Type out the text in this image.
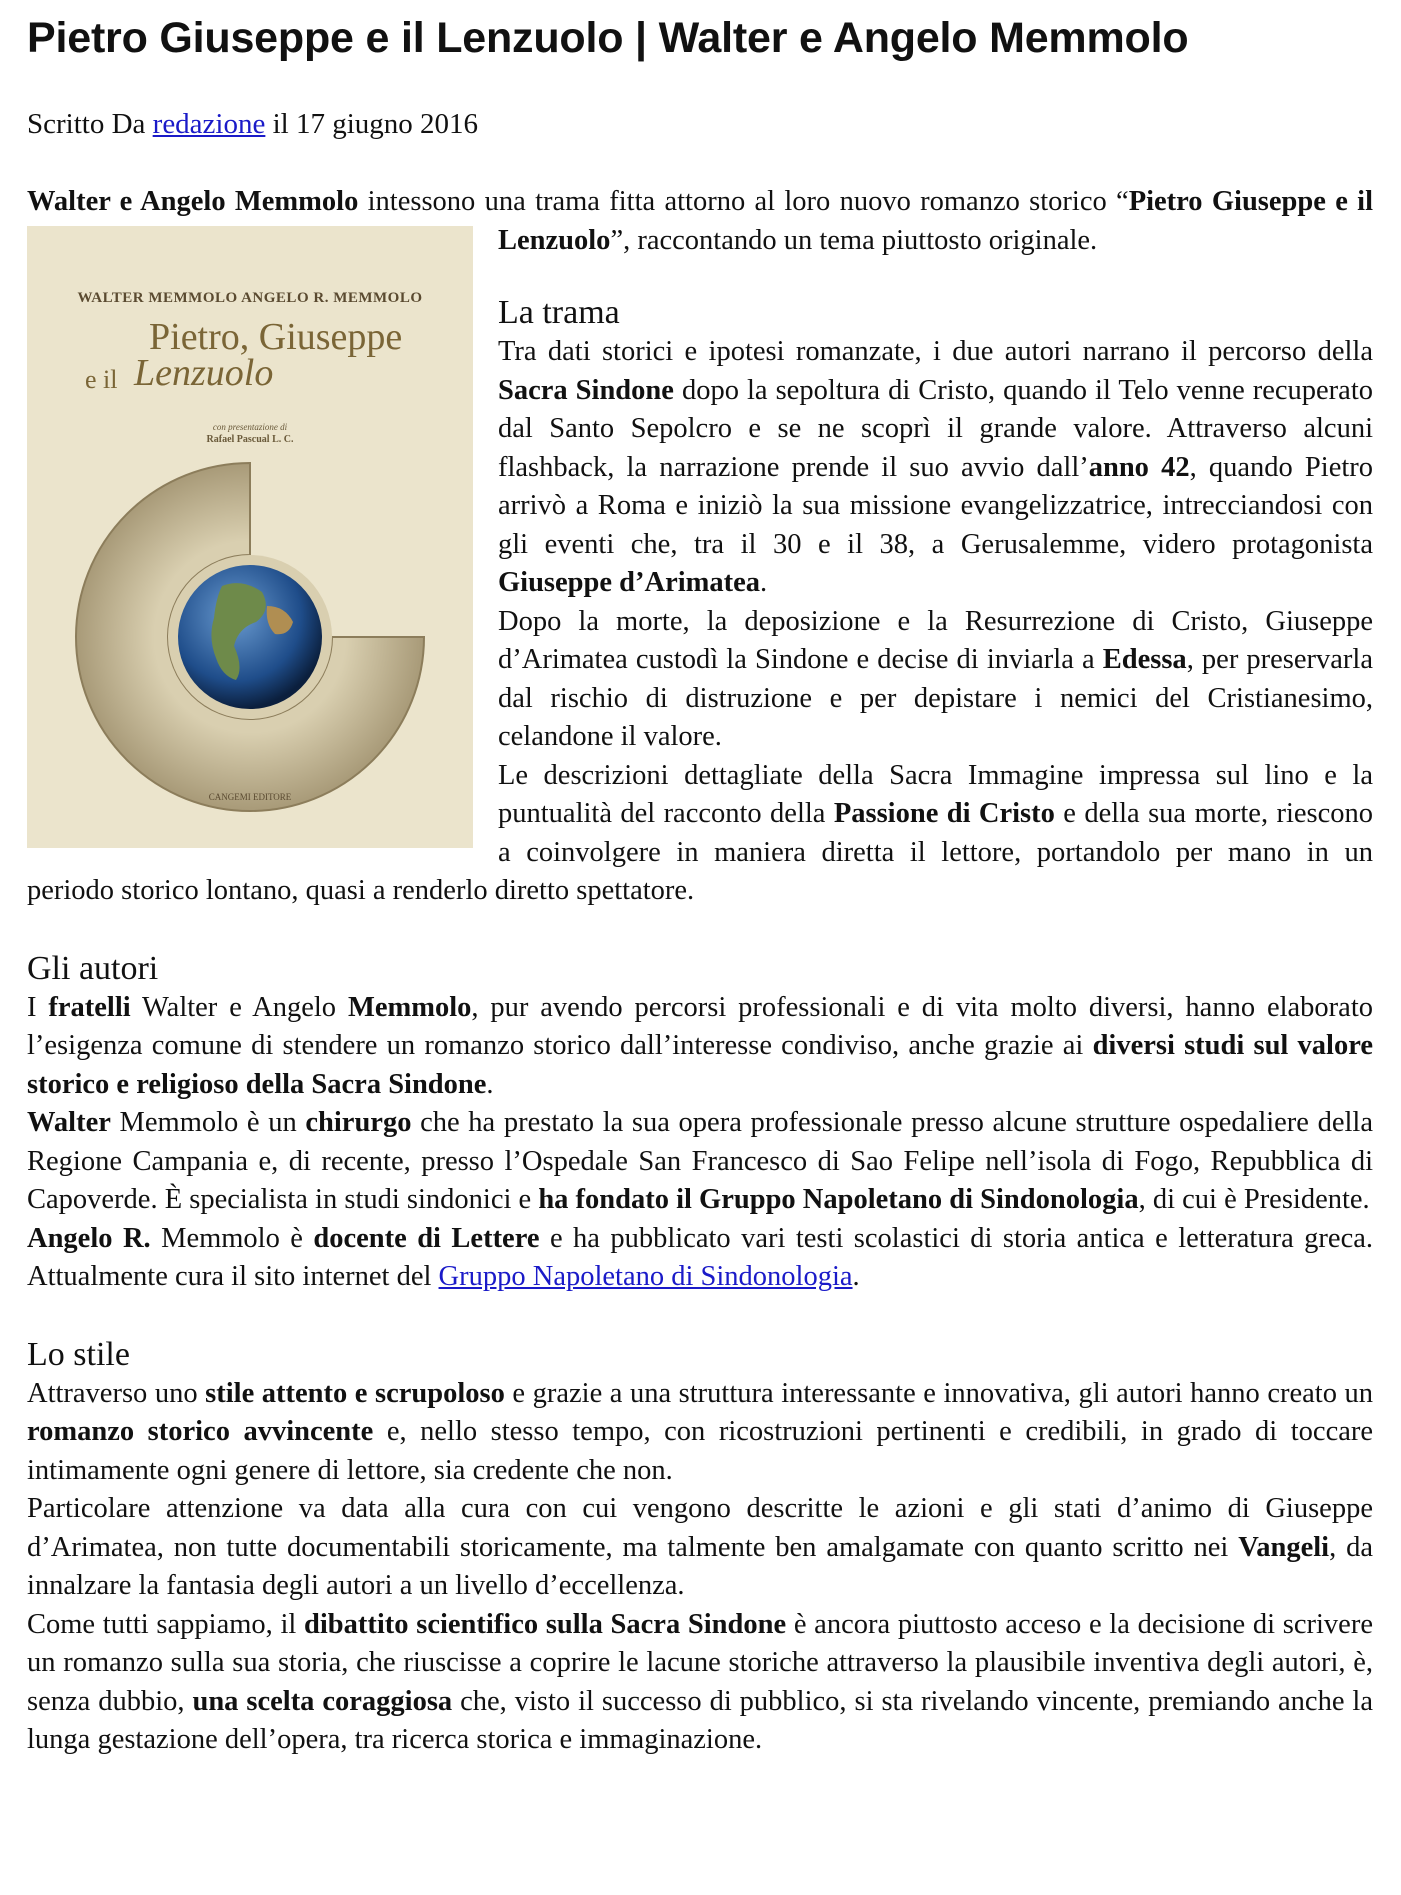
Pietro Giuseppe e il Lenzuolo | Walter e Angelo Memmolo
Scritto Da redazione il 17 giugno 2016

Walter e Angelo Memmolo intessono una trama fitta attorno al loro nuovo romanzo storico “
WALTER MEMMOLO ANGELO R. MEMMOLO
Pietro, Giuseppe
e il Lenzuolo
con presentazione di
Rafael Pascual L. C.
CANGEMI EDITORE
Pietro Giuseppe e il Lenzuolo”, raccontando un tema piuttosto originale.

La trama

Tra dati storici e ipotesi romanzate, i due autori narrano il percorso della Sacra Sindone dopo la sepoltura di Cristo, quando il Telo venne recuperato dal Santo Sepolcro e se ne scoprì il grande valore. Attraverso alcuni flashback, la narrazione prende il suo avvio dall’anno 42, quando Pietro arrivò a Roma e iniziò la sua missione evangelizzatrice, intrecciandosi con gli eventi che, tra il 30 e il 38, a Gerusalemme, videro protagonista Giuseppe d’Arimatea.

Dopo la morte, la deposizione e la Resurrezione di Cristo, Giuseppe d’Arimatea custodì la Sindone e decise di inviarla a Edessa, per preservarla dal rischio di distruzione e per depistare i nemici del Cristianesimo, celandone il valore.

Le descrizioni dettagliate della Sacra Immagine impressa sul lino e la puntualità del racconto della Passione di Cristo e della sua morte, riescono a coinvolgere in maniera diretta il lettore, portandolo per mano in un periodo storico lontano, quasi a renderlo diretto spettatore.

Gli autori

I fratelli Walter e Angelo Memmolo, pur avendo percorsi professionali e di vita molto diversi, hanno elaborato l’esigenza comune di stendere un romanzo storico dall’interesse condiviso, anche grazie ai diversi studi sul valore storico e religioso della Sacra Sindone.

Walter Memmolo è un chirurgo che ha prestato la sua opera professionale presso alcune strutture ospedaliere della Regione Campania e, di recente, presso l’Ospedale San Francesco di Sao Felipe nell’isola di Fogo, Repubblica di Capoverde. È specialista in studi sindonici e ha fondato il Gruppo Napoletano di Sindonologia, di cui è Presidente.

Angelo R. Memmolo è docente di Lettere e ha pubblicato vari testi scolastici di storia antica e letteratura greca. Attualmente cura il sito internet del Gruppo Napoletano di Sindonologia.

Lo stile

Attraverso uno stile attento e scrupoloso e grazie a una struttura interessante e innovativa, gli autori hanno creato un romanzo storico avvincente e, nello stesso tempo, con ricostruzioni pertinenti e credibili, in grado di toccare intimamente ogni genere di lettore, sia credente che non.

Particolare attenzione va data alla cura con cui vengono descritte le azioni e gli stati d’animo di Giuseppe d’Arimatea, non tutte documentabili storicamente, ma talmente ben amalgamate con quanto scritto nei Vangeli, da innalzare la fantasia degli autori a un livello d’eccellenza.

Come tutti sappiamo, il dibattito scientifico sulla Sacra Sindone è ancora piuttosto acceso e la decisione di scrivere un romanzo sulla sua storia, che riuscisse a coprire le lacune storiche attraverso la plausibile inventiva degli autori, è, senza dubbio, una scelta coraggiosa che, visto il successo di pubblico, si sta rivelando vincente, premiando anche la lunga gestazione dell’opera, tra ricerca storica e immaginazione.
